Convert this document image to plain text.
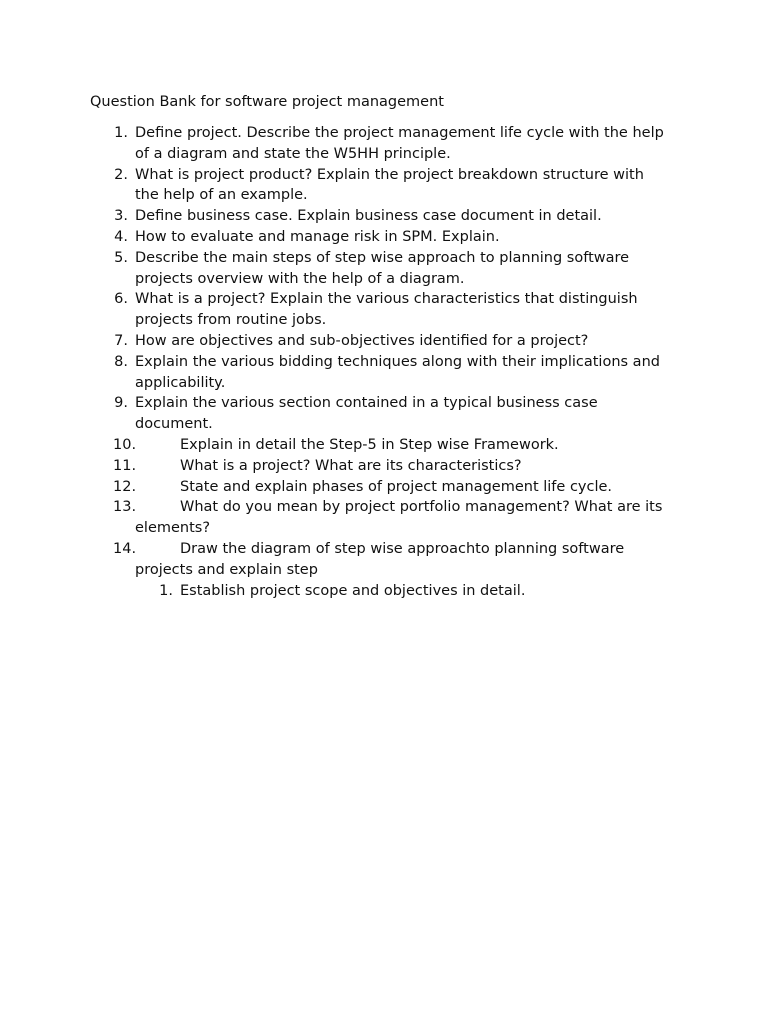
Question Bank for software project management
1. Define project. Describe the project management life cycle with the help of a diagram and state the W5HH principle.
2. What is project product? Explain the project breakdown structure with the help of an example.
3. Define business case. Explain business case document in detail.
4. How to evaluate and manage risk in SPM. Explain.
5. Describe the main steps of step wise approach to planning software projects overview with the help of a diagram.
6. What is a project? Explain the various characteristics that distinguish projects from routine jobs.
7. How are objectives and sub-objectives identified for a project?
8. Explain the various bidding techniques along with their implications and applicability.
9. Explain the various section contained in a typical business case document.
10.	Explain in detail the Step-5 in Step wise Framework.
11.	What is a project? What are its characteristics?
12.	State and explain phases of project management life cycle.
13.	What do you mean by project portfolio management? What are its elements?
14.	Draw the diagram of step wise approachto planning software projects and explain step
1. Establish project scope and objectives in detail.
